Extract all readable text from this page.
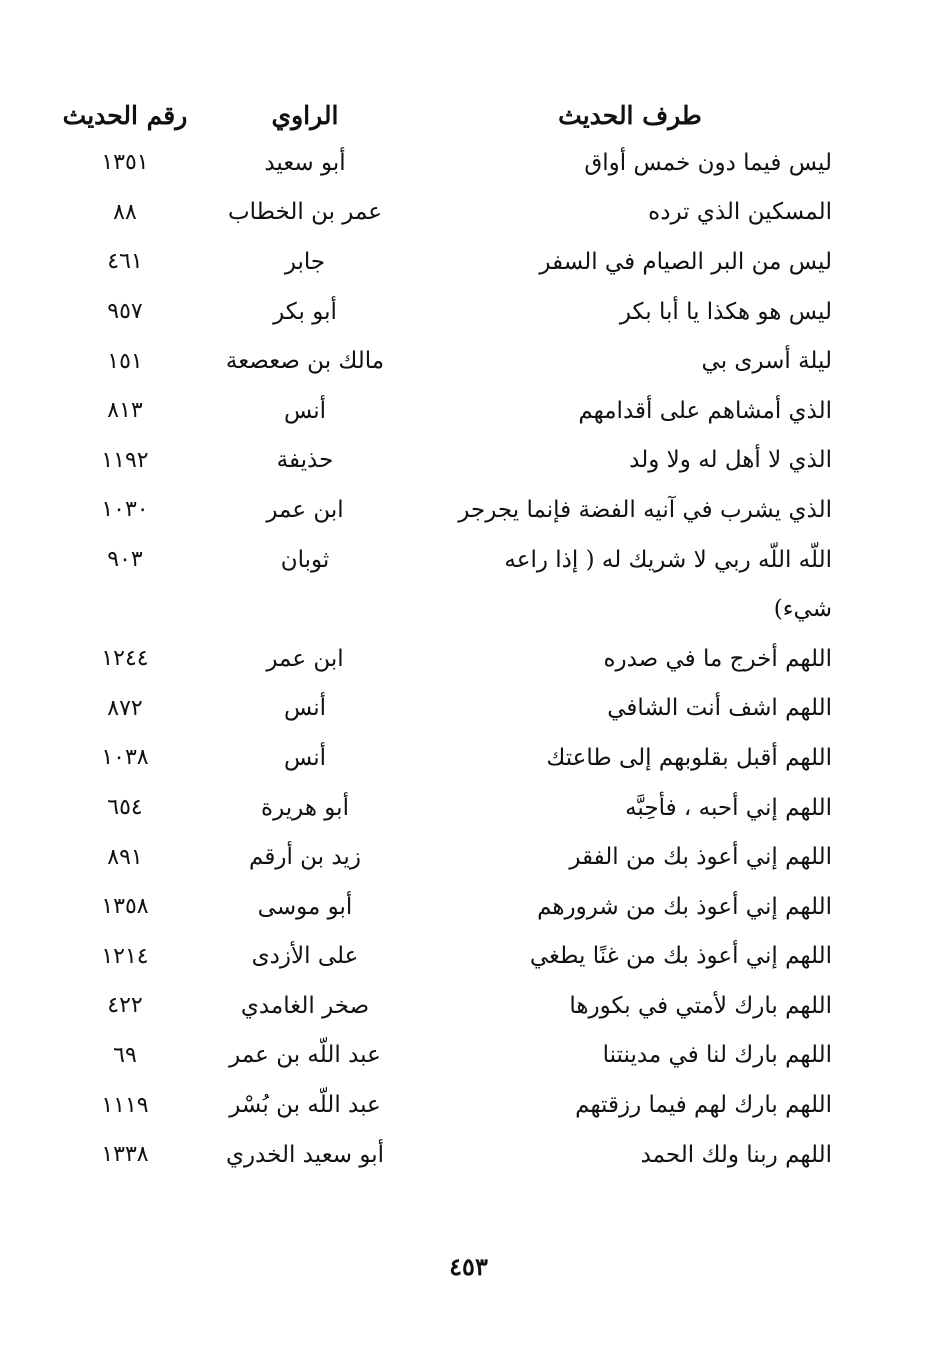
طرف الحديث	الراوي	رقم الحديث
ليس فيما دون خمس أواق	أبو سعيد	١٣٥١
المسكين الذي ترده	عمر بن الخطاب	٨٨
ليس من البر الصيام في السفر	جابر	٤٦١
ليس هو هكذا يا أبا بكر	أبو بكر	٩٥٧
ليلة أسرى بي	مالك بن صعصعة	١٥١
الذي أمشاهم على أقدامهم	أنس	٨١٣
الذي لا أهل له ولا ولد	حذيفة	١١٩٢
الذي يشرب في آنيه الفضة فإنما يجرجر	ابن عمر	١٠٣٠
اللّه اللّه ربي لا شريك له ( إذا راعه	ثوبان	٩٠٣
شيء)		
اللهم أخرج ما في صدره	ابن عمر	١٢٤٤
اللهم اشف أنت الشافي	أنس	٨٧٢
اللهم أقبل بقلوبهم إلى طاعتك	أنس	١٠٣٨
اللهم إني أحبه ، فأحِبَّه	أبو هريرة	٦٥٤
اللهم إني أعوذ بك من الفقر	زيد بن أرقم	٨٩١
اللهم إني أعوذ بك من شرورهم	أبو موسى	١٣٥٨
اللهم إني أعوذ بك من غنًا يطغي	على الأزدى	١٢١٤
اللهم بارك لأمتي في بكورها	صخر الغامدي	٤٢٢
اللهم بارك لنا في مدينتنا	عبد اللّه بن عمر	٦٩
اللهم بارك لهم فيما رزقتهم	عبد اللّه بن بُسْر	١١١٩
اللهم ربنا ولك الحمد	أبو سعيد الخدري	١٣٣٨
٤٥٣
